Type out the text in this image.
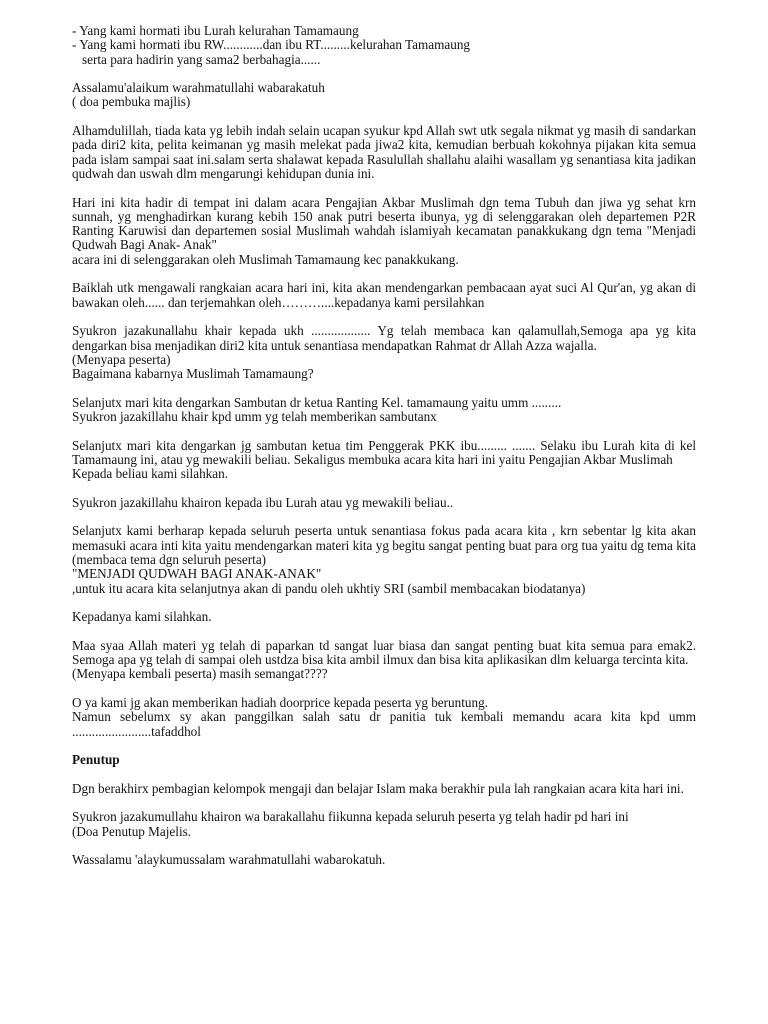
- Yang kami hormati ibu Lurah kelurahan Tamamaung
- Yang kami hormati ibu RW............dan ibu RT.........kelurahan Tamamaung
serta para hadirin yang sama2 berbahagia......
Assalamu'alaikum warahmatullahi wabarakatuh
( doa pembuka majlis)
Alhamdulillah, tiada kata yg lebih indah selain ucapan syukur kpd Allah swt utk segala nikmat yg masih di sandarkan pada diri2 kita, pelita keimanan yg masih melekat pada jiwa2 kita, kemudian berbuah kokohnya pijakan kita semua pada islam sampai saat ini.salam serta shalawat kepada Rasulullah shallahu alaihi wasallam yg senantiasa kita jadikan qudwah dan uswah dlm mengarungi kehidupan dunia ini.
Hari ini kita hadir di tempat ini dalam acara Pengajian Akbar Muslimah dgn tema Tubuh dan jiwa yg sehat krn sunnah, yg menghadirkan kurang kebih 150 anak putri beserta ibunya, yg di selenggarakan oleh departemen P2R Ranting Karuwisi dan departemen sosial Muslimah wahdah islamiyah kecamatan panakkukang dgn tema "Menjadi Qudwah Bagi Anak- Anak"
acara ini di selenggarakan oleh Muslimah Tamamaung kec panakkukang.
Baiklah utk mengawali rangkaian acara hari ini, kita akan mendengarkan pembacaan ayat suci Al Qur'an, yg akan di bawakan oleh...... dan terjemahkan oleh………....kepadanya kami persilahkan
Syukron jazakunallahu khair kepada ukh .................. Yg telah membaca kan qalamullah,Semoga apa yg kita dengarkan bisa menjadikan diri2 kita untuk senantiasa mendapatkan Rahmat dr Allah Azza wajalla.
(Menyapa peserta)
Bagaimana kabarnya Muslimah Tamamaung?
Selanjutx mari kita dengarkan Sambutan dr ketua Ranting Kel. tamamaung yaitu umm .........
Syukron jazakillahu khair kpd umm yg telah memberikan sambutanx
Selanjutx mari kita dengarkan jg sambutan ketua tim Penggerak PKK ibu......... ....... Selaku ibu Lurah kita di kel Tamamaung ini, atau yg mewakili beliau. Sekaligus membuka acara kita hari ini yaitu Pengajian Akbar Muslimah
Kepada beliau kami silahkan.
Syukron jazakillahu khairon kepada ibu Lurah atau yg mewakili beliau..
Selanjutx kami berharap kepada seluruh peserta untuk senantiasa fokus pada acara kita , krn sebentar lg kita akan memasuki acara inti kita yaitu mendengarkan materi kita yg begitu sangat penting buat para org tua yaitu dg tema kita (membaca tema dgn seluruh peserta)
"MENJADI QUDWAH BAGI ANAK-ANAK"
,untuk itu acara kita selanjutnya akan di pandu oleh ukhtiy SRI (sambil membacakan biodatanya)
Kepadanya kami silahkan.
Maa syaa Allah materi yg telah di paparkan td sangat luar biasa dan sangat penting buat kita semua para emak2. Semoga apa yg telah di sampai oleh ustdza bisa kita ambil ilmux dan bisa kita aplikasikan dlm keluarga tercinta kita.
(Menyapa kembali peserta) masih semangat????
O ya kami jg akan memberikan hadiah doorprice kepada peserta yg beruntung.
Namun sebelumx sy akan panggilkan salah satu dr panitia tuk kembali memandu acara kita kpd umm ........................tafaddhol
Penutup
Dgn berakhirx pembagian kelompok mengaji dan belajar Islam maka berakhir pula lah rangkaian acara kita hari ini.
Syukron jazakumullahu khairon wa barakallahu fiikunna kepada seluruh peserta yg telah hadir pd hari ini
(Doa Penutup Majelis.
Wassalamu 'alaykumussalam warahmatullahi wabarokatuh.
